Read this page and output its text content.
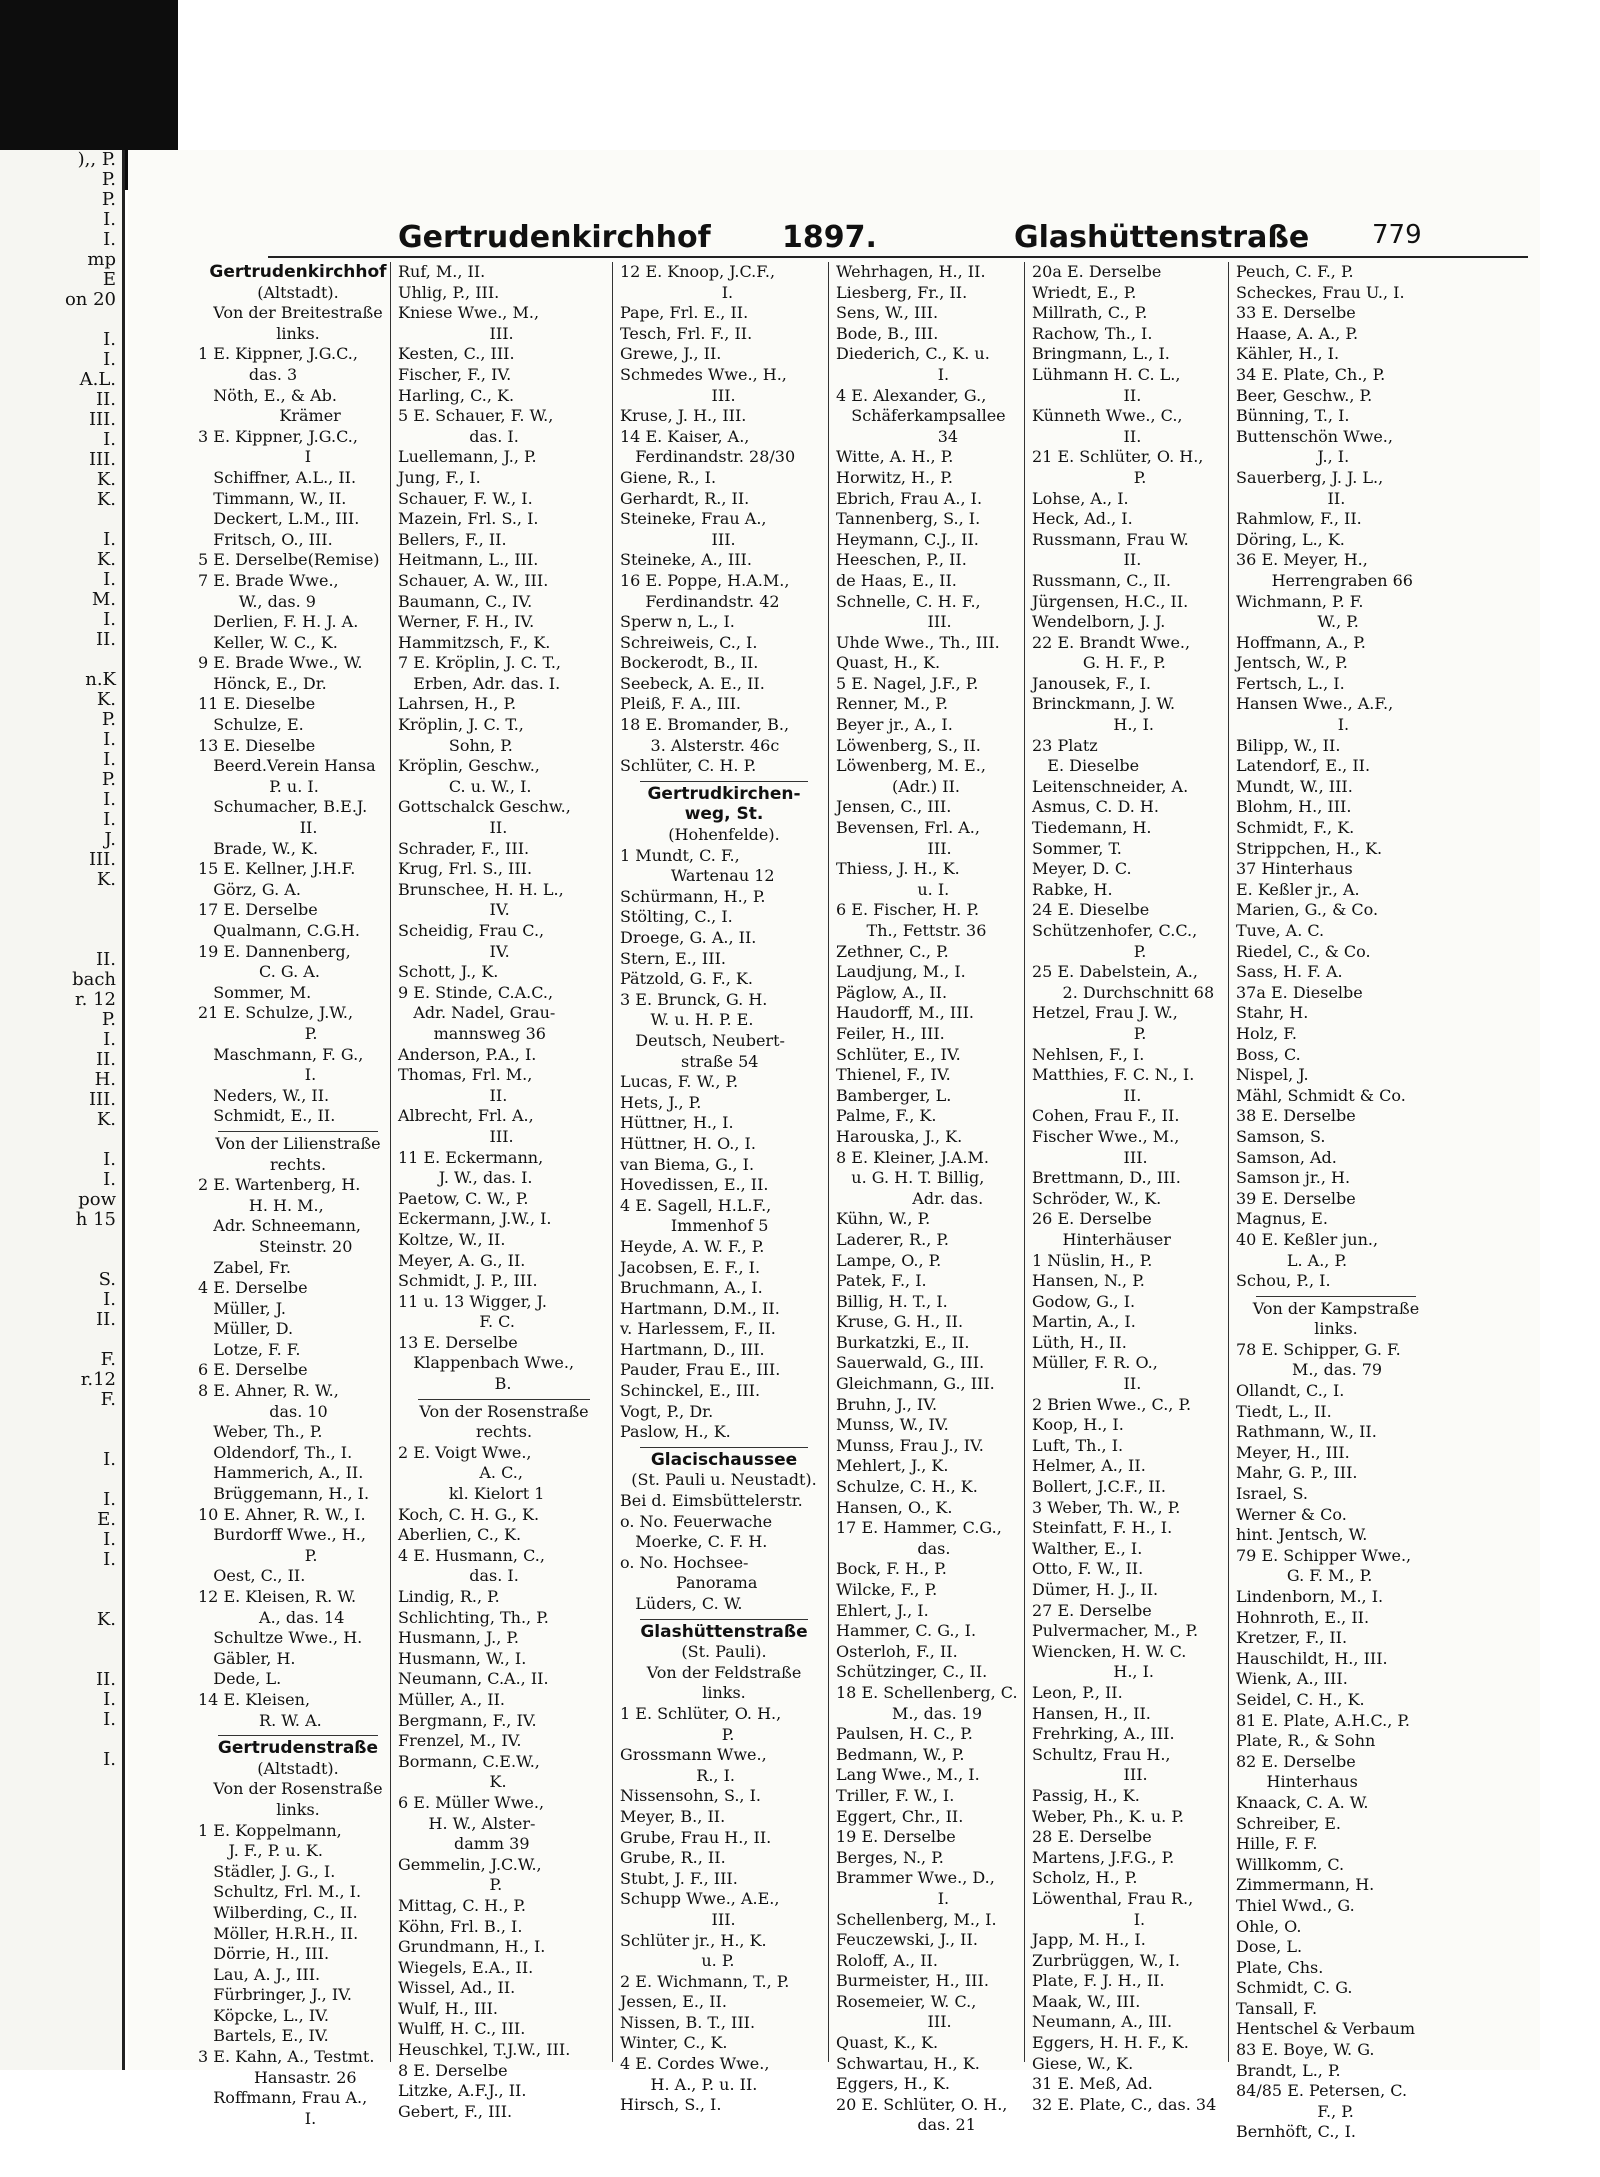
),, P.
P.
P.
I.
I.
mp
E
on 20

I.
I.
A.L.
II.
III.
I.
III.
K.
K.

I.
K.
I.
M.
I.
II.

n.K
K.
P.
I.
I.
P.
I.
I.
J.
III.
K.

II.
bach
r. 12
P.
I.
II.
H.
III.
K.

I.
I.
pow
h 15

S.
I.
II.

F.
r.12
F.

I.

I.
E.
I.
I.

K.

II.
I.
I.

I.

Gertrudenkirchhof 1897.	Glashüttenstraße 779
Gertrudenkirchhof
(Altstadt).
Von der Breitestraße
links.
1 E. Kippner, J.G.C.,
das. 3
Nöth, E., & Ab.
Krämer
3 E. Kippner, J.G.C.,
I
Schiffner, A.L., II.
Timmann, W., II.
Deckert, L.M., III.
Fritsch, O., III.
5 E. Derselbe(Remise)
7 E. Brade Wwe.,
W., das. 9
Derlien, F. H. J. A.
Keller, W. C., K.
9 E. Brade Wwe., W.
Hönck, E., Dr.
11 E. Dieselbe
Schulze, E.
13 E. Dieselbe
Beerd.Verein Hansa
P. u. I.
Schumacher, B.E.J.
II.
Brade, W., K.
15 E. Kellner, J.H.F.
Görz, G. A.
17 E. Derselbe
Qualmann, C.G.H.
19 E. Dannenberg,
C. G. A.
Sommer, M.
21 E. Schulze, J.W.,
P.
Maschmann, F. G.,
I.
Neders, W., II.
Schmidt, E., II.
Von der Lilienstraße
rechts.
2 E. Wartenberg, H.
H. H. M.,
Adr. Schneemann,
Steinstr. 20
Zabel, Fr.
4 E. Derselbe
Müller, J.
Müller, D.
Lotze, F. F.
6 E. Derselbe
8 E. Ahner, R. W.,
das. 10
Weber, Th., P.
Oldendorf, Th., I.
Hammerich, A., II.
Brüggemann, H., I.
10 E. Ahner, R. W., I.
Burdorff Wwe., H.,
P.
Oest, C., II.
12 E. Kleisen, R. W.
A., das. 14
Schultze Wwe., H.
Gäbler, H.
Dede, L.
14 E. Kleisen,
R. W. A.
Gertrudenstraße
(Altstadt).
Von der Rosenstraße
links.
1 E. Koppelmann,
J. F., P. u. K.
Städler, J. G., I.
Schultz, Frl. M., I.
Wilberding, C., II.
Möller, H.R.H., II.
Dörrie, H., III.
Lau, A. J., III.
Fürbringer, J., IV.
Köpcke, L., IV.
Bartels, E., IV.
3 E. Kahn, A., Testmt.
Hansastr. 26
Roffmann, Frau A.,
I.
Ruf, M., II.
Uhlig, P., III.
Kniese Wwe., M.,
III.
Kesten, C., III.
Fischer, F., IV.
Harling, C., K.
5 E. Schauer, F. W.,
das. I.
Luellemann, J., P.
Jung, F., I.
Schauer, F. W., I.
Mazein, Frl. S., I.
Bellers, F., II.
Heitmann, L., III.
Schauer, A. W., III.
Baumann, C., IV.
Werner, F. H., IV.
Hammitzsch, F., K.
7 E. Kröplin, J. C. T.,
Erben, Adr. das. I.
Lahrsen, H., P.
Kröplin, J. C. T.,
Sohn, P.
Kröplin, Geschw.,
C. u. W., I.
Gottschalck Geschw.,
II.
Schrader, F., III.
Krug, Frl. S., III.
Brunschee, H. H. L.,
IV.
Scheidig, Frau C.,
IV.
Schott, J., K.
9 E. Stinde, C.A.C.,
Adr. Nadel, Grau-
mannsweg 36
Anderson, P.A., I.
Thomas, Frl. M.,
II.
Albrecht, Frl. A.,
III.
11 E. Eckermann,
J. W., das. I.
Paetow, C. W., P.
Eckermann, J.W., I.
Koltze, W., II.
Meyer, A. G., II.
Schmidt, J. P., III.
11 u. 13 Wigger, J.
F. C.
13 E. Derselbe
Klappenbach Wwe.,
B.
Von der Rosenstraße
rechts.
2 E. Voigt Wwe.,
A. C.,
kl. Kielort 1
Koch, C. H. G., K.
Aberlien, C., K.
4 E. Husmann, C.,
das. I.
Lindig, R., P.
Schlichting, Th., P.
Husmann, J., P.
Husmann, W., I.
Neumann, C.A., II.
Müller, A., II.
Bergmann, F., IV.
Frenzel, M., IV.
Bormann, C.E.W.,
K.
6 E. Müller Wwe.,
H. W., Alster-
damm 39
Gemmelin, J.C.W.,
P.
Mittag, C. H., P.
Köhn, Frl. B., I.
Grundmann, H., I.
Wiegels, E.A., II.
Wissel, Ad., II.
Wulf, H., III.
Wulff, H. C., III.
Heuschkel, T.J.W., III.
8 E. Derselbe
Litzke, A.F.J., II.
Gebert, F., III.
12 E. Knoop, J.C.F.,
I.
Pape, Frl. E., II.
Tesch, Frl. F., II.
Grewe, J., II.
Schmedes Wwe., H.,
III.
Kruse, J. H., III.
14 E. Kaiser, A.,
Ferdinandstr. 28/30
Giene, R., I.
Gerhardt, R., II.
Steineke, Frau A.,
III.
Steineke, A., III.
16 E. Poppe, H.A.M.,
Ferdinandstr. 42
Sperw n, L., I.
Schreiweis, C., I.
Bockerodt, B., II.
Seebeck, A. E., II.
Pleiß, F. A., III.
18 E. Bromander, B.,
3. Alsterstr. 46c
Schlüter, C. H. P.
Gertrudkirchen-
weg, St.
(Hohenfelde).
1 Mundt, C. F.,
Wartenau 12
Schürmann, H., P.
Stölting, C., I.
Droege, G. A., II.
Stern, E., III.
Pätzold, G. F., K.
3 E. Brunck, G. H.
W. u. H. P. E.
Deutsch, Neubert-
straße 54
Lucas, F. W., P.
Hets, J., P.
Hüttner, H., I.
Hüttner, H. O., I.
van Biema, G., I.
Hovedissen, E., II.
4 E. Sagell, H.L.F.,
Immenhof 5
Heyde, A. W. F., P.
Jacobsen, E. F., I.
Bruchmann, A., I.
Hartmann, D.M., II.
v. Harlessem, F., II.
Hartmann, D., III.
Pauder, Frau E., III.
Schinckel, E., III.
Vogt, P., Dr.
Paslow, H., K.
Glacischaussee
(St. Pauli u. Neustadt).
Bei d. Eimsbüttelerstr.
o. No. Feuerwache
Moerke, C. F. H.
o. No. Hochsee-
Panorama
Lüders, C. W.
Glashüttenstraße
(St. Pauli).
Von der Feldstraße
links.
1 E. Schlüter, O. H.,
P.
Grossmann Wwe.,
R., I.
Nissensohn, S., I.
Meyer, B., II.
Grube, Frau H., II.
Grube, R., II.
Stubt, J. F., III.
Schupp Wwe., A.E.,
III.
Schlüter jr., H., K.
u. P.
2 E. Wichmann, T., P.
Jessen, E., II.
Nissen, B. T., III.
Winter, C., K.
4 E. Cordes Wwe.,
H. A., P. u. II.
Hirsch, S., I.
Wehrhagen, H., II.
Liesberg, Fr., II.
Sens, W., III.
Bode, B., III.
Diederich, C., K. u.
I.
4 E. Alexander, G.,
Schäferkampsallee
34
Witte, A. H., P.
Horwitz, H., P.
Ebrich, Frau A., I.
Tannenberg, S., I.
Heymann, C.J., II.
Heeschen, P., II.
de Haas, E., II.
Schnelle, C. H. F.,
III.
Uhde Wwe., Th., III.
Quast, H., K.
5 E. Nagel, J.F., P.
Renner, M., P.
Beyer jr., A., I.
Löwenberg, S., II.
Löwenberg, M. E.,
(Adr.) II.
Jensen, C., III.
Bevensen, Frl. A.,
III.
Thiess, J. H., K.
u. I.
6 E. Fischer, H. P.
Th., Fettstr. 36
Zethner, C., P.
Laudjung, M., I.
Päglow, A., II.
Haudorff, M., III.
Feiler, H., III.
Schlüter, E., IV.
Thienel, F., IV.
Bamberger, L.
Palme, F., K.
Harouska, J., K.
8 E. Kleiner, J.A.M.
u. G. H. T. Billig,
Adr. das.
Kühn, W., P.
Laderer, R., P.
Lampe, O., P.
Patek, F., I.
Billig, H. T., I.
Kruse, G. H., II.
Burkatzki, E., II.
Sauerwald, G., III.
Gleichmann, G., III.
Bruhn, J., IV.
Munss, W., IV.
Munss, Frau J., IV.
Mehlert, J., K.
Schulze, C. H., K.
Hansen, O., K.
17 E. Hammer, C.G.,
das.
Bock, F. H., P.
Wilcke, F., P.
Ehlert, J., I.
Hammer, C. G., I.
Osterloh, F., II.
Schützinger, C., II.
18 E. Schellenberg, C.
M., das. 19
Paulsen, H. C., P.
Bedmann, W., P.
Lang Wwe., M., I.
Triller, F. W., I.
Eggert, Chr., II.
19 E. Derselbe
Berges, N., P.
Brammer Wwe., D.,
I.
Schellenberg, M., I.
Feuczewski, J., II.
Roloff, A., II.
Burmeister, H., III.
Rosemeier, W. C.,
III.
Quast, K., K.
Schwartau, H., K.
Eggers, H., K.
20 E. Schlüter, O. H.,
das. 21
20a E. Derselbe
Wriedt, E., P.
Millrath, C., P.
Rachow, Th., I.
Bringmann, L., I.
Lühmann H. C. L.,
II.
Künneth Wwe., C.,
II.
21 E. Schlüter, O. H.,
P.
Lohse, A., I.
Heck, Ad., I.
Russmann, Frau W.
II.
Russmann, C., II.
Jürgensen, H.C., II.
Wendelborn, J. J.
22 E. Brandt Wwe.,
G. H. F., P.
Janousek, F., I.
Brinckmann, J. W.
H., I.
23 Platz
E. Dieselbe
Leitenschneider, A.
Asmus, C. D. H.
Tiedemann, H.
Sommer, T.
Meyer, D. C.
Rabke, H.
24 E. Dieselbe
Schützenhofer, C.C.,
P.
25 E. Dabelstein, A.,
2. Durchschnitt 68
Hetzel, Frau J. W.,
P.
Nehlsen, F., I.
Matthies, F. C. N., I.
II.
Cohen, Frau F., II.
Fischer Wwe., M.,
III.
Brettmann, D., III.
Schröder, W., K.
26 E. Derselbe
Hinterhäuser
1 Nüslin, H., P.
Hansen, N., P.
Godow, G., I.
Martin, A., I.
Lüth, H., II.
Müller, F. R. O.,
II.
2 Brien Wwe., C., P.
Koop, H., I.
Luft, Th., I.
Helmer, A., II.
Bollert, J.C.F., II.
3 Weber, Th. W., P.
Steinfatt, F. H., I.
Walther, E., I.
Otto, F. W., II.
Dümer, H. J., II.
27 E. Derselbe
Pulvermacher, M., P.
Wiencken, H. W. C.
H., I.
Leon, P., II.
Hansen, H., II.
Frehrking, A., III.
Schultz, Frau H.,
III.
Passig, H., K.
Weber, Ph., K. u. P.
28 E. Derselbe
Martens, J.F.G., P.
Scholz, H., P.
Löwenthal, Frau R.,
I.
Japp, M. H., I.
Zurbrüggen, W., I.
Plate, F. J. H., II.
Maak, W., III.
Neumann, A., III.
Eggers, H. H. F., K.
Giese, W., K.
31 E. Meß, Ad.
32 E. Plate, C., das. 34
Peuch, C. F., P.
Scheckes, Frau U., I.
33 E. Derselbe
Haase, A. A., P.
Kähler, H., I.
34 E. Plate, Ch., P.
Beer, Geschw., P.
Bünning, T., I.
Buttenschön Wwe.,
J., I.
Sauerberg, J. J. L.,
II.
Rahmlow, F., II.
Döring, L., K.
36 E. Meyer, H.,
Herrengraben 66
Wichmann, P. F.
W., P.
Hoffmann, A., P.
Jentsch, W., P.
Fertsch, L., I.
Hansen Wwe., A.F.,
I.
Bilipp, W., II.
Latendorf, E., II.
Mundt, W., III.
Blohm, H., III.
Schmidt, F., K.
Strippchen, H., K.
37 Hinterhaus
E. Keßler jr., A.
Marien, G., & Co.
Tuve, A. C.
Riedel, C., & Co.
Sass, H. F. A.
37a E. Dieselbe
Stahr, H.
Holz, F.
Boss, C.
Nispel, J.
Mähl, Schmidt & Co.
38 E. Derselbe
Samson, S.
Samson, Ad.
Samson jr., H.
39 E. Derselbe
Magnus, E.
40 E. Keßler jun.,
L. A., P.
Schou, P., I.
Von der Kampstraße
links.
78 E. Schipper, G. F.
M., das. 79
Ollandt, C., I.
Tiedt, L., II.
Rathmann, W., II.
Meyer, H., III.
Mahr, G. P., III.
Israel, S.
Werner & Co.
hint. Jentsch, W.
79 E. Schipper Wwe.,
G. F. M., P.
Lindenborn, M., I.
Hohnroth, E., II.
Kretzer, F., II.
Hauschildt, H., III.
Wienk, A., III.
Seidel, C. H., K.
81 E. Plate, A.H.C., P.
Plate, R., & Sohn
82 E. Derselbe
Hinterhaus
Knaack, C. A. W.
Schreiber, E.
Hille, F. F.
Willkomm, C.
Zimmermann, H.
Thiel Wwd., G.
Ohle, O.
Dose, L.
Plate, Chs.
Schmidt, C. G.
Tansall, F.
Hentschel & Verbaum
83 E. Boye, W. G.
Brandt, L., P.
84/85 E. Petersen, C.
F., P.
Bernhöft, C., I.
